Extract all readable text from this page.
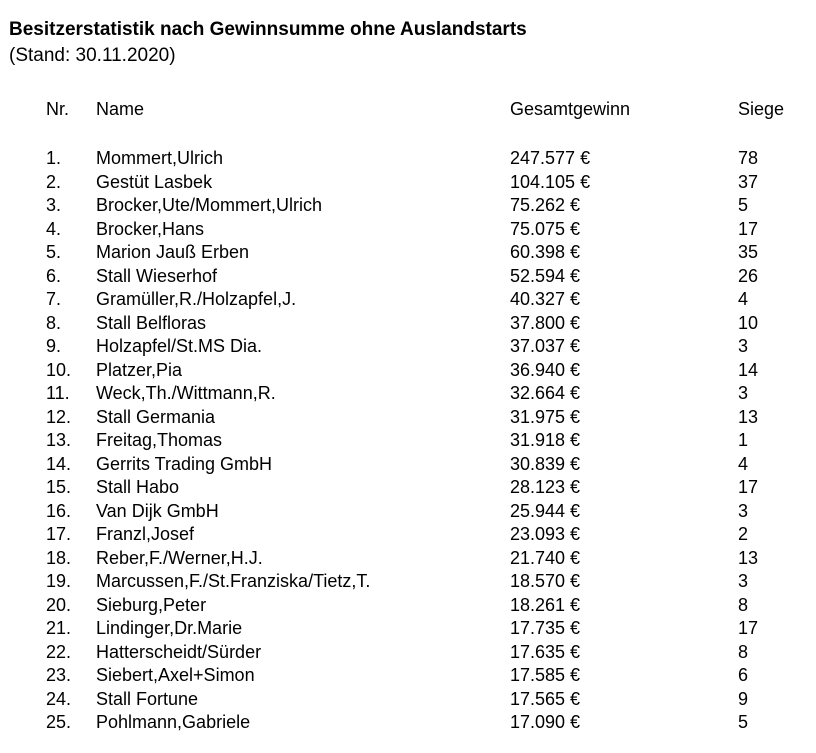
Besitzerstatistik nach Gewinnsumme ohne Auslandstarts
(Stand: 30.11.2020)
Nr. Name	Gesamtgewinn	Siege
1. Mommert,Ulrich	247.577 €	78
2. Gestüt Lasbek	104.105 €	37
3. Brocker,Ute/Mommert,Ulrich	75.262 €	5
4. Brocker,Hans	75.075 €	17
5. Marion Jauß Erben	60.398 €	35
6. Stall Wieserhof	52.594 €	26
7. Gramüller,R./Holzapfel,J.	40.327 €	4
8. Stall Belfloras	37.800 €	10
9. Holzapfel/St.MS Dia.	37.037 €	3
10. Platzer,Pia	36.940 €	14
11. Weck,Th./Wittmann,R.	32.664 €	3
12. Stall Germania	31.975 €	13
13. Freitag,Thomas	31.918 €	1
14. Gerrits Trading GmbH	30.839 €	4
15. Stall Habo	28.123 €	17
16. Van Dijk GmbH	25.944 €	3
17. Franzl,Josef	23.093 €	2
18. Reber,F./Werner,H.J.	21.740 €	13
19. Marcussen,F./St.Franziska/Tietz,T.	18.570 €	3
20. Sieburg,Peter	18.261 €	8
21. Lindinger,Dr.Marie	17.735 €	17
22. Hatterscheidt/Sürder	17.635 €	8
23. Siebert,Axel+Simon	17.585 €	6
24. Stall Fortune	17.565 €	9
25. Pohlmann,Gabriele	17.090 €	5
